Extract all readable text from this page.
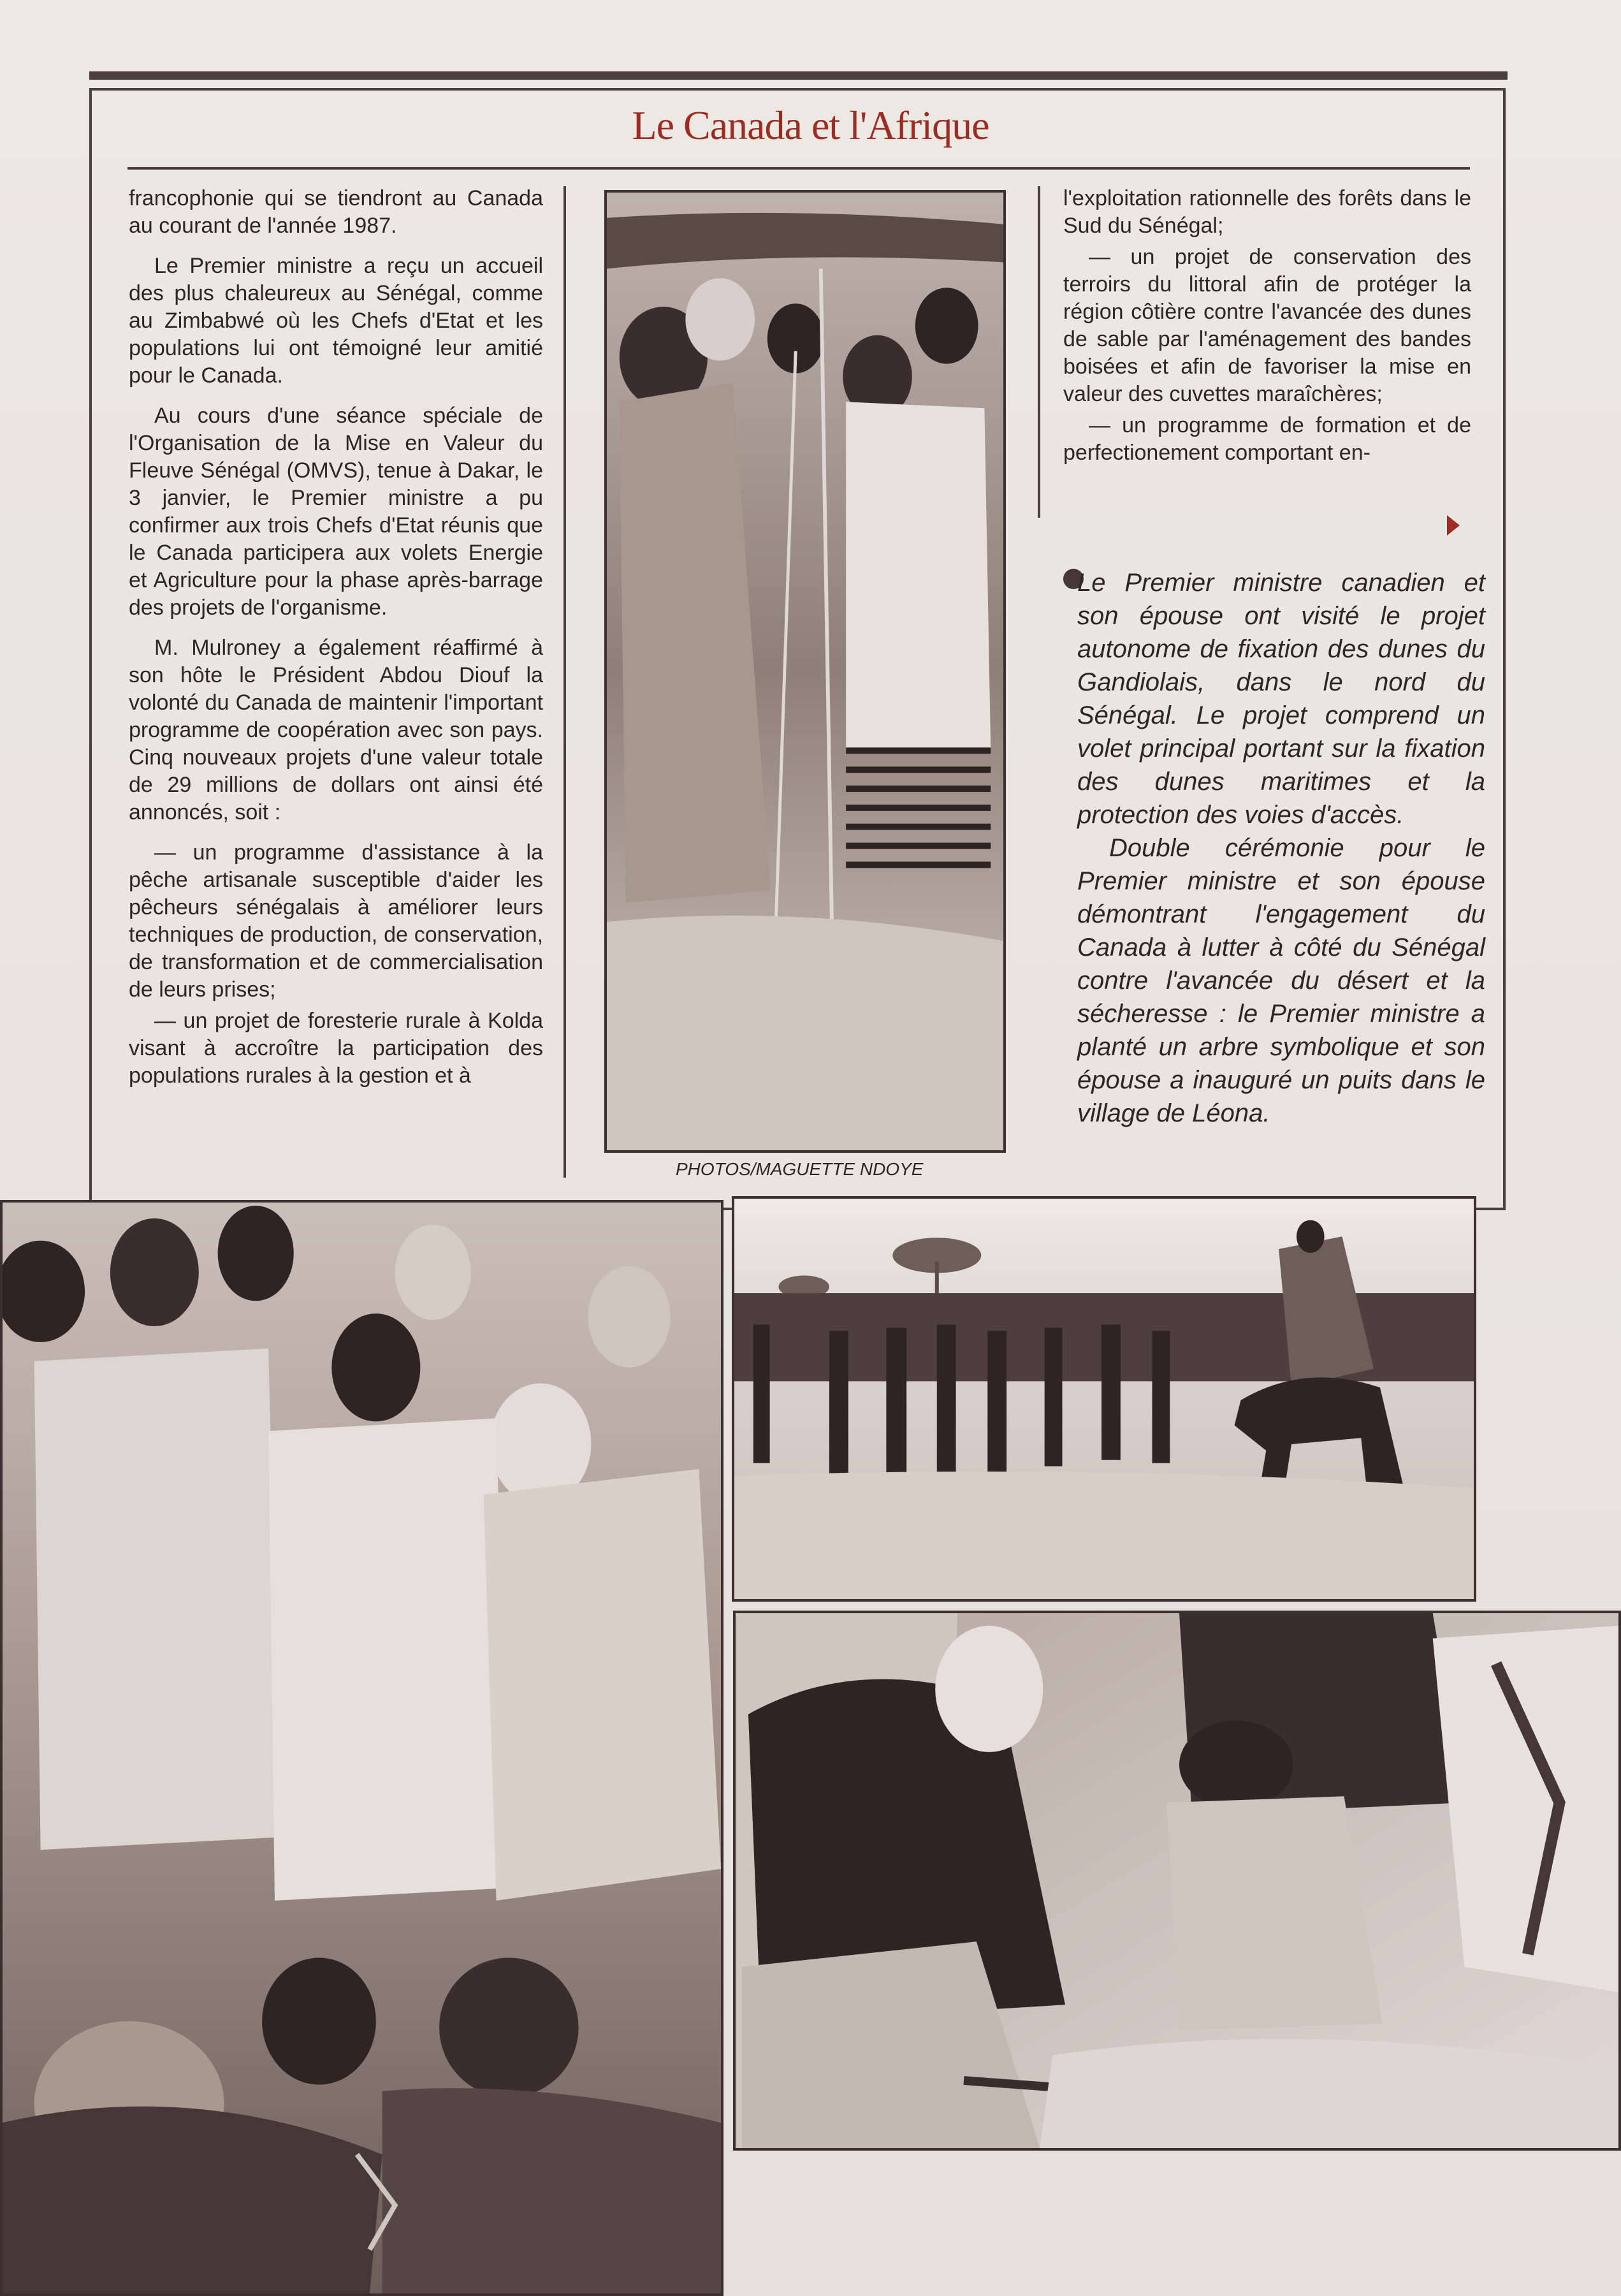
Le Canada et l'Afrique

francophonie qui se tiendront au Canada au courant de l'année 1987.

Le Premier ministre a reçu un accueil des plus chaleureux au Sénégal, comme au Zimbabwé où les Chefs d'Etat et les populations lui ont témoigné leur amitié pour le Canada.

Au cours d'une séance spéciale de l'Organisation de la Mise en Valeur du Fleuve Sénégal (OMVS), tenue à Dakar, le 3 janvier, le Premier ministre a pu confirmer aux trois Chefs d'Etat réunis que le Canada participera aux volets Energie et Agriculture pour la phase après-barrage des projets de l'organisme.

M. Mulroney a également réaffirmé à son hôte le Président Abdou Diouf la volonté du Canada de maintenir l'important programme de coopération avec son pays. Cinq nouveaux projets d'une valeur totale de 29 millions de dollars ont ainsi été annoncés, soit :

— un programme d'assistance à la pêche artisanale susceptible d'aider les pêcheurs sénégalais à améliorer leurs techniques de production, de conservation, de transformation et de commercialisation de leurs prises;

— un projet de foresterie rurale à Kolda visant à accroître la participation des populations rurales à la gestion et à

l'exploitation rationnelle des forêts dans le Sud du Sénégal;

— un projet de conservation des terroirs du littoral afin de protéger la région côtière contre l'avancée des dunes de sable par l'aménagement des bandes boisées et afin de favoriser la mise en valeur des cuvettes maraîchères;

— un programme de formation et de perfectionement comportant en-

Le Premier ministre canadien et son épouse ont visité le projet autonome de fixation des dunes du Gandiolais, dans le nord du Sénégal. Le projet comprend un volet principal portant sur la fixation des dunes maritimes et la protection des voies d'accès.

Double cérémonie pour le Premier ministre et son épouse démontrant l'engagement du Canada à lutter à côté du Sénégal contre l'avancée du désert et la sécheresse : le Premier ministre a planté un arbre symbolique et son épouse a inauguré un puits dans le village de Léona.

PHOTOS/MAGUETTE NDOYE
